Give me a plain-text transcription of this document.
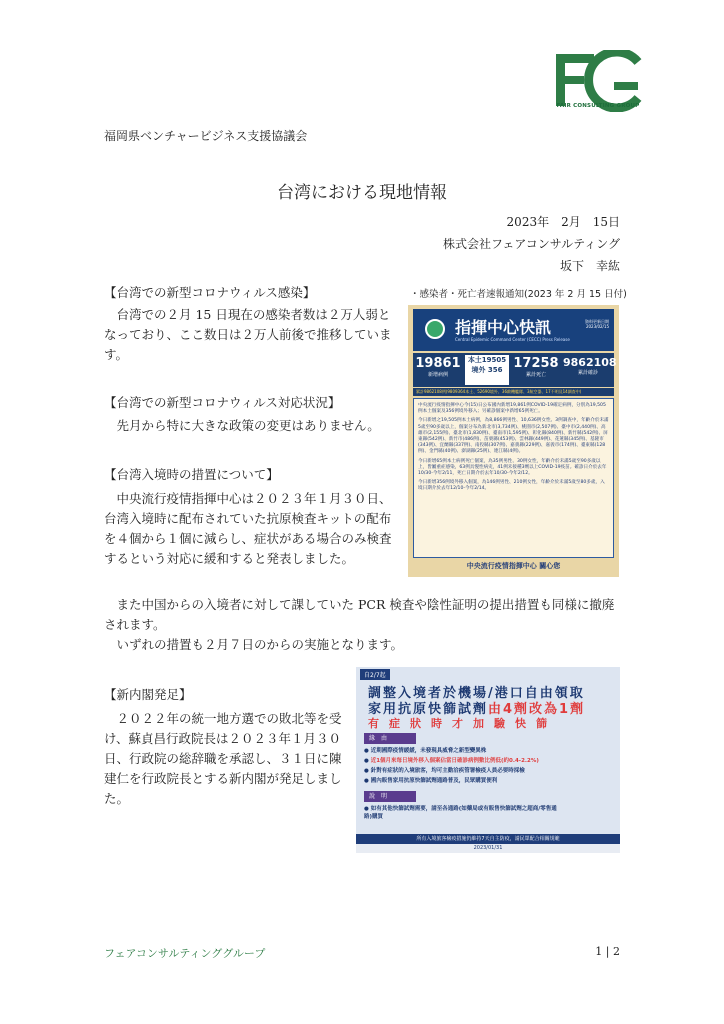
FAIR CONSULTING GROUP
福岡県ベンチャービジネス支援協議会
台湾における現地情報
2023年　2月　15日
株式会社フェアコンサルティング
坂下　幸紘
【台湾での新型コロナウィルス感染】
台湾での２月 15 日現在の感染者数は２万人弱となっており、ここ数日は２万人前後で推移しています。
【台湾での新型コロナウィルス対応状況】
先月から特に大きな政策の変更はありません。
【台湾入境時の措置について】
中央流行疫情指揮中心は２０２３年１月３０日、台湾入境時に配布されていた抗原検査キットの配布を４個から１個に減らし、症状がある場合のみ検査するという対応に緩和すると発表しました。
また中国からの入境者に対して課していた PCR 検査や陰性証明の提出措置も同様に撤廃されます。
いずれの措置も２月７日のからの実施となります。
【新内閣発足】
２０２２年の統一地方選での敗北等を受け、蘇貞昌行政院長は２０２３年１月３０日、行政院の総辞職を承認し、３１日に陳建仁を行政院長とする新内閣が発足しました。
・感染者・死亡者速報通知(2023 年 2 月 15 日付)
指揮中心快訊
Central Epidemic Command Center (CECC) Press Release
資料更新日期 2023/02/15
19861
新增病例
本土19505
境外 356 17258
累計死亡
9862108
累計確診
累計9862108例(9809364本土、52690境外、36敵機艦隊、3航空器、17不明及14調查中)

中央流行疫情指揮中心今(15)日公布國內新增19,861例COVID-19確定病例，分別為19,505例本土個案及356例境外移入；另確診個案中新增65例死亡。

今日新增之19,505例本土病例，為8,866例男性、10,636例女性、3例調查中，年齡介於未滿5歲至90多歲以上，個案分布為新北市(3,734例)、桃園市(2,507例)、臺中市(2,440例)、高雄市(2,155例)、臺北市(1,830例)、臺南市(1,595例)、彰化縣(840例)、新竹縣(542例)、屏東縣(542例)、新竹市(486例)、苗栗縣(453例)、雲林縣(449例)、花蓮縣(345例)、基隆市(343例)、宜蘭縣(337例)、南投縣(307例)、嘉義縣(229例)、嘉義市(174例)、臺東縣(128例)、金門縣(40例)、澎湖縣(25例)、連江縣(4例)。

今日新增65例本土病例死亡個案，為35例男性、30例女性，年齡介於未滿5歲至90多歲以上，皆屬重症感染，63例具慢性病史，41例未接種3劑以上COVID-19疫苗。確診日介於去年10/30-今年2/11，死亡日期介於去年10/30-今年2/12。

今日新增356例境外移入個案，為146例男性、210例女性，年齡介於未滿5歲至80多歲，入境日期介於去年12/10-今年2/14。

中央流行疫情指揮中心 關心您
自2/7起
調整入境者於機場/港口自由領取
家用抗原快篩試劑由4劑改為1劑
有症狀時才加驗快篩
緣　由
● 近期國際疫情緩緩，未發現具威脅之新型變異株
● 近1個月來每日境外移入個案佔當日確診病例數比例低(約0.4-2.2%)
● 針對有症狀的入境旅客，均可主動洽疾管署檢疫人員必要時採檢
● 國內販售家用抗原快篩試劑通路普及，民眾購買便利
說　明
● 如有其他快篩試劑需要，請至各通路(如藥局或有販售快篩試劑之超商/零售通路)購買
所有入境旅客檢疫措施仍維持7天自主防疫，請民眾配合相關規範
2023/01/31
フェアコンサルティンググループ	1 | 2
